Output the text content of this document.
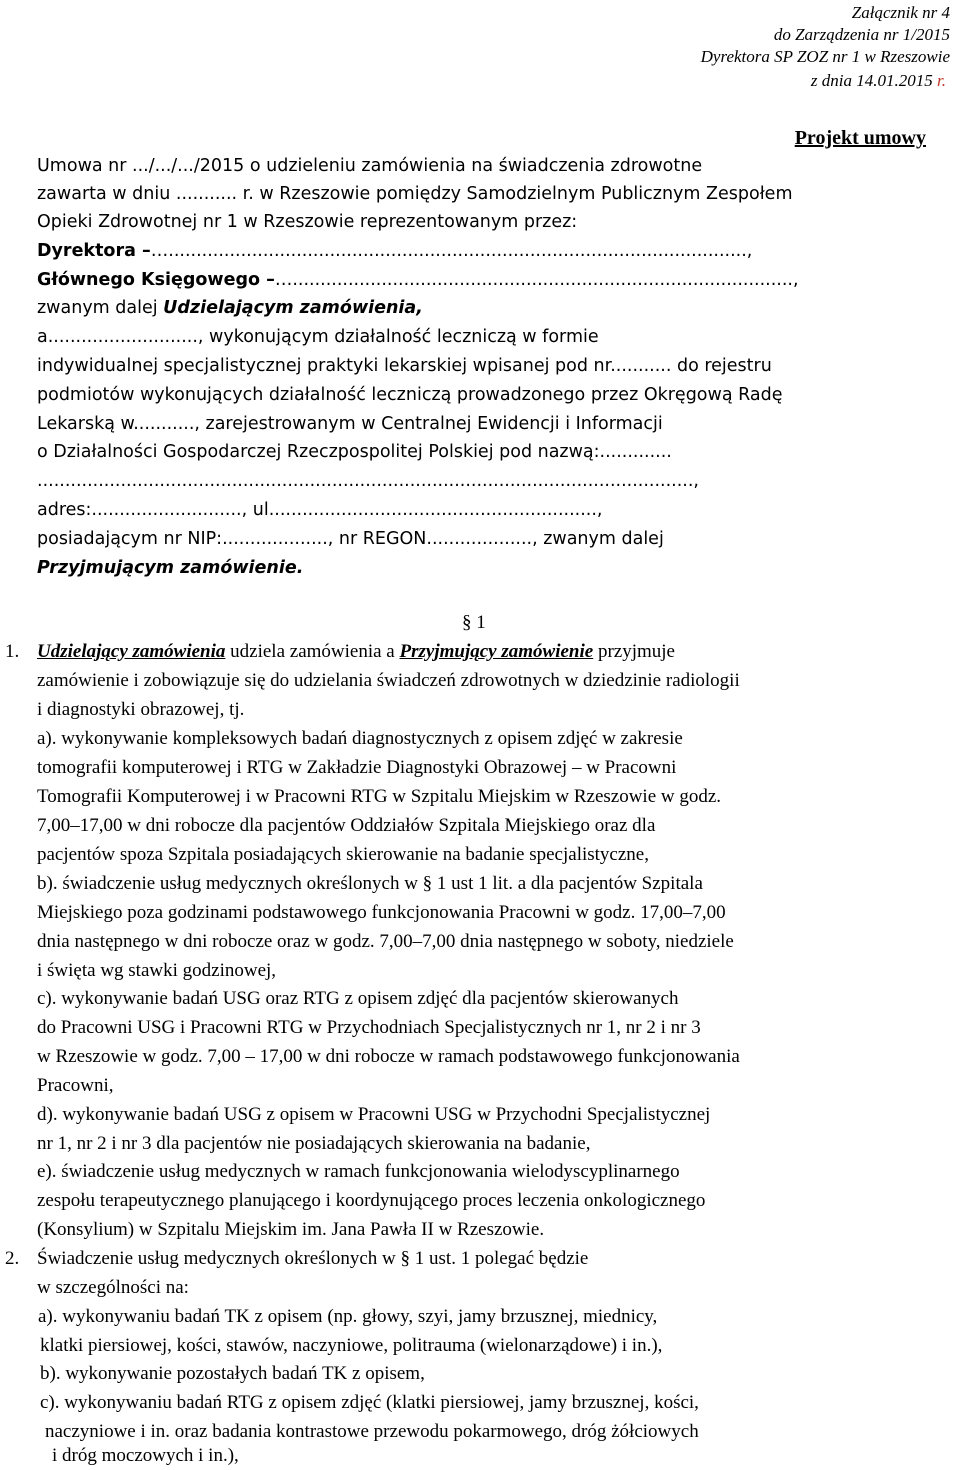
Załącznik nr 4
do Zarządzenia nr 1/2015
Dyrektora SP ZOZ nr 1 w Rzeszowie
z dnia 14.01.2015 r.
Projekt umowy
Umowa nr .../.../.../2015 o udzieleniu zamówienia na świadczenia zdrowotne
zawarta w dniu ........... r. w Rzeszowie pomiędzy Samodzielnym Publicznym Zespołem
Opieki Zdrowotnej nr 1 w Rzeszowie reprezentowanym przez:
Dyrektora –…........................................................................................................,
Głównego Księgowego –…..........................................................................................,
zwanym dalej Udzielającym zamówienia,
a..........................., wykonującym działalność leczniczą w formie
indywidualnej specjalistycznej praktyki lekarskiej wpisanej pod nr........... do rejestru
podmiotów wykonujących działalność leczniczą prowadzonego przez Okręgową Radę
Lekarską w..........., zarejestrowanym w Centralnej Ewidencji i Informacji
o Działalności Gospodarczej Rzeczpospolitej Polskiej pod nazwą:.............
......................................................................................................................,
adres:..........................., ul...........................................................,
posiadającym nr NIP:..................., nr REGON..................., zwanym dalej
Przyjmującym zamówienie.
§ 1
1. Udzielający zamówienia udziela zamówienia a Przyjmujący zamówienie przyjmuje
zamówienie i zobowiązuje się do udzielania świadczeń zdrowotnych w dziedzinie radiologii
i diagnostyki obrazowej, tj.
a). wykonywanie kompleksowych badań diagnostycznych z opisem zdjęć w zakresie
tomografii komputerowej i RTG w Zakładzie Diagnostyki Obrazowej – w Pracowni
Tomografii Komputerowej i w Pracowni RTG w Szpitalu Miejskim w Rzeszowie w godz.
7,00–17,00 w dni robocze dla pacjentów Oddziałów Szpitala Miejskiego oraz dla
pacjentów spoza Szpitala posiadających skierowanie na badanie specjalistyczne,
b). świadczenie usług medycznych określonych w § 1 ust 1 lit. a dla pacjentów Szpitala
Miejskiego poza godzinami podstawowego funkcjonowania Pracowni w godz. 17,00–7,00
dnia następnego w dni robocze oraz w godz. 7,00–7,00 dnia następnego w soboty, niedziele
i święta wg stawki godzinowej,
c). wykonywanie badań USG oraz RTG z opisem zdjęć dla pacjentów skierowanych
do Pracowni USG i Pracowni RTG w Przychodniach Specjalistycznych nr 1, nr 2 i nr 3
w Rzeszowie w godz. 7,00 – 17,00 w dni robocze w ramach podstawowego funkcjonowania
Pracowni,
d). wykonywanie badań USG z opisem w Pracowni USG w Przychodni Specjalistycznej
nr 1, nr 2 i nr 3 dla pacjentów nie posiadających skierowania na badanie,
e). świadczenie usług medycznych w ramach funkcjonowania wielodyscyplinarnego
zespołu terapeutycznego planującego i koordynującego proces leczenia onkologicznego
(Konsylium) w Szpitalu Miejskim im. Jana Pawła II w Rzeszowie.
2. Świadczenie usług medycznych określonych w § 1 ust. 1 polegać będzie
w szczególności na:
a). wykonywaniu badań TK z opisem (np. głowy, szyi, jamy brzusznej, miednicy,
klatki piersiowej, kości, stawów, naczyniowe, politrauma (wielonarządowe) i in.),
b). wykonywanie pozostałych badań TK z opisem,
c). wykonywaniu badań RTG z opisem zdjęć (klatki piersiowej, jamy brzusznej, kości,
naczyniowe i in. oraz badania kontrastowe przewodu pokarmowego, dróg żółciowych
i dróg moczowych i in.),
